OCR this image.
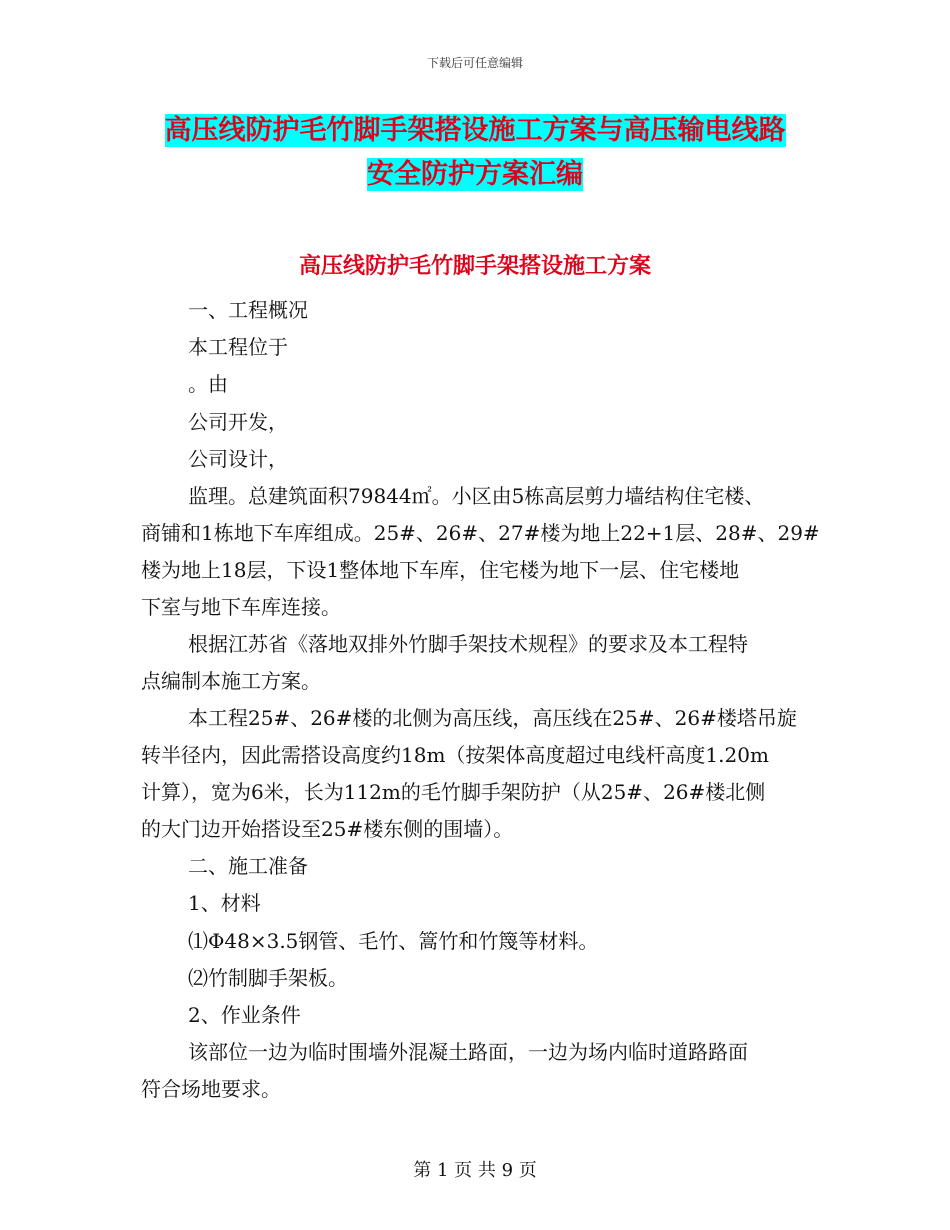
下载后可任意编辑
高压线防护毛竹脚手架搭设施工方案与高压输电线路
安全防护方案汇编
高压线防护毛竹脚手架搭设施工方案
一、工程概况
本工程位于
。由
公司开发，
公司设计，
监理。总建筑面积79844㎡。小区由5栋高层剪力墙结构住宅楼、
商铺和1栋地下车库组成。25#、26#、27#楼为地上22+1层、28#、29#
楼为地上18层，下设1整体地下车库，住宅楼为地下一层、住宅楼地
下室与地下车库连接。
根据江苏省《落地双排外竹脚手架技术规程》的要求及本工程特
点编制本施工方案。
本工程25#、26#楼的北侧为高压线，高压线在25#、26#楼塔吊旋
转半径内，因此需搭设高度约18m（按架体高度超过电线杆高度1.20m
计算），宽为6米，长为112m的毛竹脚手架防护（从25#、26#楼北侧
的大门边开始搭设至25#楼东侧的围墙）。
二、施工准备
1、材料
⑴Φ48×3.5钢管、毛竹、篙竹和竹篾等材料。
⑵竹制脚手架板。
2、作业条件
该部位一边为临时围墙外混凝土路面，一边为场内临时道路路面
符合场地要求。
第 1 页 共 9 页
